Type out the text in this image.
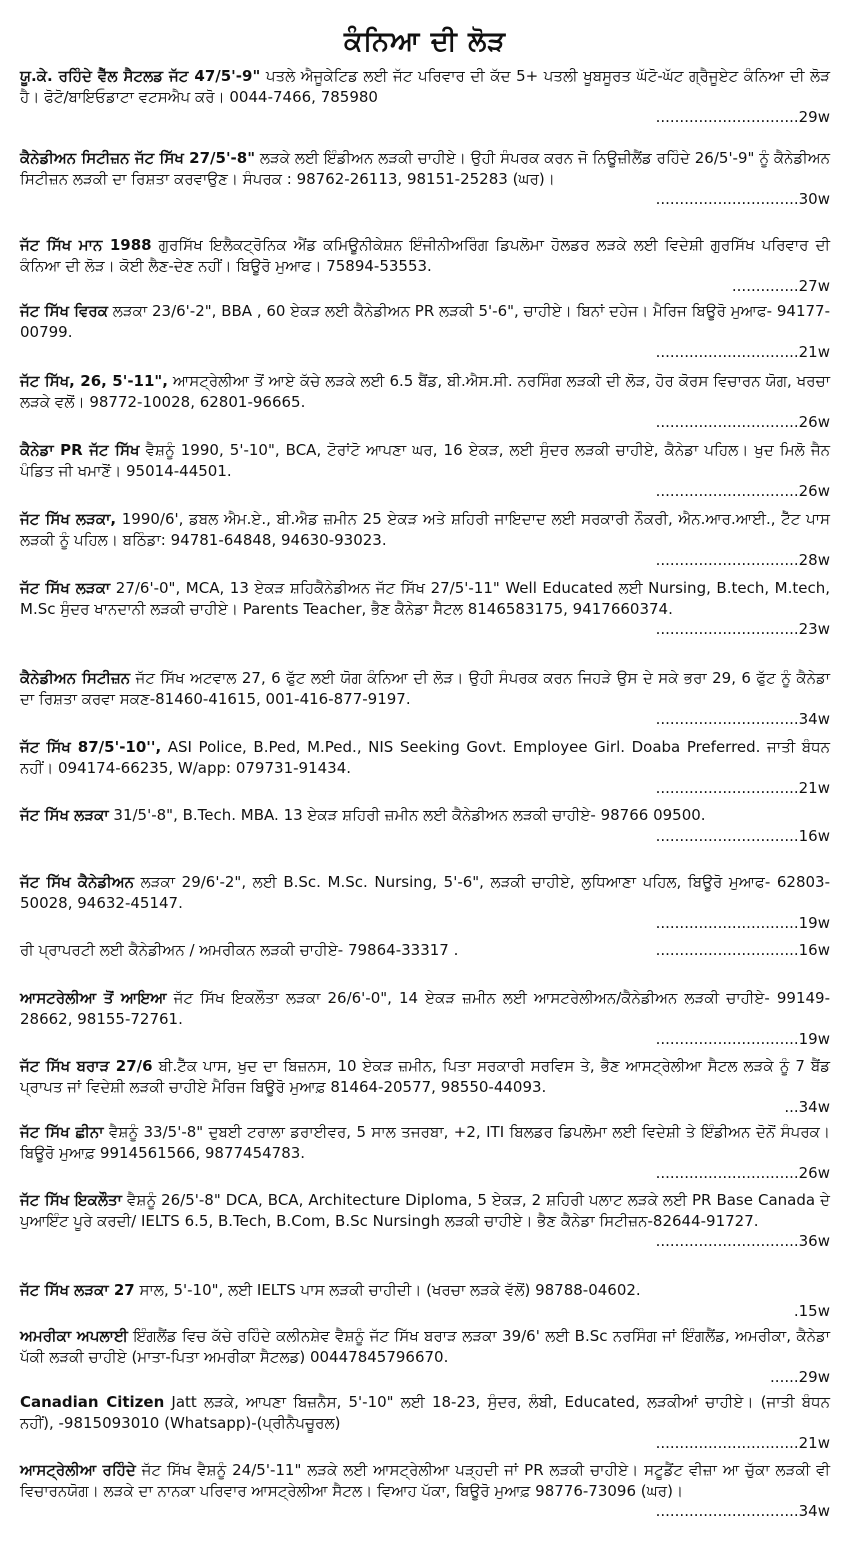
ਕੰਨਿਆ ਦੀ ਲੋੜ
ਯੂ.ਕੇ. ਰਹਿੰਦੇ ਵੈੱਲ ਸੈਟਲਡ ਜੱਟ 47/5'-9" ਪਤਲੇ ਐਜੂਕੇਟਿਡ ਲਈ ਜੱਟ ਪਰਿਵਾਰ ਦੀ ਕੱਦ 5+ ਪਤਲੀ ਖੂਬਸੂਰਤ ਘੱਟੋ-ਘੱਟ ਗ੍ਰੈਜੂਏਟ ਕੰਨਿਆ ਦੀ ਲੋੜ ਹੈ। ਫੋਟੋ/ਬਾਇਓਡਾਟਾ ਵਟਸਐਪ ਕਰੋ। 0044-7466, 785980
..............................29w
ਕੈਨੇਡੀਅਨ ਸਿਟੀਜ਼ਨ ਜੱਟ ਸਿੱਖ 27/5'-8" ਲੜਕੇ ਲਈ ਇੰਡੀਅਨ ਲੜਕੀ ਚਾਹੀਏ। ਉਹੀ ਸੰਪਰਕ ਕਰਨ ਜੋ ਨਿਊਜ਼ੀਲੈਂਡ ਰਹਿੰਦੇ 26/5'-9" ਨੂੰ ਕੈਨੇਡੀਅਨ ਸਿਟੀਜ਼ਨ ਲੜਕੀ ਦਾ ਰਿਸ਼ਤਾ ਕਰਵਾਉਣ। ਸੰਪਰਕ : 98762-26113, 98151-25283 (ਘਰ)।
..............................30w
ਜੱਟ ਸਿੱਖ ਮਾਨ 1988 ਗੁਰਸਿੱਖ ਇਲੈਕਟ੍ਰੋਨਿਕ ਐਂਡ ਕਮਿਊਨੀਕੇਸ਼ਨ ਇੰਜੀਨੀਅਰਿੰਗ ਡਿਪਲੋਮਾ ਹੋਲਡਰ ਲੜਕੇ ਲਈ ਵਿਦੇਸ਼ੀ ਗੁਰਸਿੱਖ ਪਰਿਵਾਰ ਦੀ ਕੰਨਿਆ ਦੀ ਲੋੜ। ਕੋਈ ਲੈਣ-ਦੇਣ ਨਹੀਂ। ਬਿਊਰੋ ਮੁਆਫ। 75894-53553.
..............27w
ਜੱਟ ਸਿੱਖ ਵਿਰਕ ਲੜਕਾ 23/6'-2", BBA , 60 ਏਕੜ ਲਈ ਕੈਨੇਡੀਅਨ PR ਲੜਕੀ 5'-6", ਚਾਹੀਏ। ਬਿਨਾਂ ਦਹੇਜ। ਮੈਰਿਜ ਬਿਊਰੋ ਮੁਆਫ- 94177-00799.
..............................21w
ਜੱਟ ਸਿੱਖ, 26, 5'-11", ਆਸਟ੍ਰੇਲੀਆ ਤੋਂ ਆਏ ਕੱਚੇ ਲੜਕੇ ਲਈ 6.5 ਬੈਂਡ, ਬੀ.ਐਸ.ਸੀ. ਨਰਸਿੰਗ ਲੜਕੀ ਦੀ ਲੋੜ, ਹੋਰ ਕੋਰਸ ਵਿਚਾਰਨ ਯੋਗ, ਖਰਚਾ ਲੜਕੇ ਵਲੋਂ। 98772-10028, 62801-96665.
..............................26w
ਕੈਨੇਡਾ PR ਜੱਟ ਸਿੱਖ ਵੈਸ਼ਨੂੰ 1990, 5'-10", BCA, ਟੋਰਾਂਟੋ ਆਪਣਾ ਘਰ, 16 ਏਕੜ, ਲਈ ਸੁੰਦਰ ਲੜਕੀ ਚਾਹੀਏ, ਕੈਨੇਡਾ ਪਹਿਲ। ਖੁਦ ਮਿਲੋ ਜੈਨ ਪੰਡਿਤ ਜੀ ਖਮਾਣੋਂ। 95014-44501.
..............................26w
ਜੱਟ ਸਿੱਖ ਲੜਕਾ, 1990/6', ਡਬਲ ਐਮ.ਏ., ਬੀ.ਐਡ ਜ਼ਮੀਨ 25 ਏਕੜ ਅਤੇ ਸ਼ਹਿਰੀ ਜਾਇਦਾਦ ਲਈ ਸਰਕਾਰੀ ਨੌਕਰੀ, ਐਨ.ਆਰ.ਆਈ., ਟੈੱਟ ਪਾਸ ਲੜਕੀ ਨੂੰ ਪਹਿਲ। ਬਠਿੰਡਾ: 94781-64848, 94630-93023.
..............................28w
ਜੱਟ ਸਿੱਖ ਲੜਕਾ 27/6'-0", MCA, 13 ਏਕੜ ਸ਼ਹਿਕੈਨੇਡੀਅਨ ਜੱਟ ਸਿੱਖ 27/5'-11" Well Educated ਲਈ Nursing, B.tech, M.tech, M.Sc ਸੁੰਦਰ ਖਾਨਦਾਨੀ ਲੜਕੀ ਚਾਹੀਏ। Parents Teacher, ਭੈਣ ਕੈਨੇਡਾ ਸੈਟਲ 8146583175, 9417660374.
..............................23w
ਕੈਨੇਡੀਅਨ ਸਿਟੀਜ਼ਨ ਜੱਟ ਸਿੱਖ ਅਟਵਾਲ 27, 6 ਫੁੱਟ ਲਈ ਯੋਗ ਕੰਨਿਆ ਦੀ ਲੋੜ। ਉਹੀ ਸੰਪਰਕ ਕਰਨ ਜਿਹੜੇ ਉਸ ਦੇ ਸਕੇ ਭਰਾ 29, 6 ਫੁੱਟ ਨੂੰ ਕੈਨੇਡਾ ਦਾ ਰਿਸ਼ਤਾ ਕਰਵਾ ਸਕਣ-81460-41615, 001-416-877-9197.
..............................34w
ਜੱਟ ਸਿੱਖ 87/5'-10'', ASI Police, B.Ped, M.Ped., NIS Seeking Govt. Employee Girl. Doaba Preferred. ਜਾਤੀ ਬੰਧਨ ਨਹੀਂ। 094174-66235, W/app: 079731-91434.
..............................21w
ਜੱਟ ਸਿੱਖ ਲੜਕਾ 31/5'-8", B.Tech. MBA. 13 ਏਕੜ ਸ਼ਹਿਰੀ ਜ਼ਮੀਨ ਲਈ ਕੈਨੇਡੀਅਨ ਲੜਕੀ ਚਾਹੀਏ- 98766 09500.
..............................16w
ਜੱਟ ਸਿੱਖ ਕੈਨੇਡੀਅਨ ਲੜਕਾ 29/6'-2", ਲਈ B.Sc. M.Sc. Nursing, 5'-6", ਲੜਕੀ ਚਾਹੀਏ, ਲੁਧਿਆਣਾ ਪਹਿਲ, ਬਿਊਰੋ ਮੁਆਫ- 62803-50028, 94632-45147.
..............................19w
ਰੀ ਪ੍ਰਾਪਰਟੀ ਲਈ ਕੈਨੇਡੀਅਨ / ਅਮਰੀਕਨ ਲੜਕੀ ਚਾਹੀਏ- 79864-33317 .	..............................16w
ਆਸਟਰੇਲੀਆ ਤੋਂ ਆਇਆ ਜੱਟ ਸਿੱਖ ਇਕਲੌਤਾ ਲੜਕਾ 26/6'-0", 14 ਏਕੜ ਜ਼ਮੀਨ ਲਈ ਆਸਟਰੇਲੀਅਨ/ਕੈਨੇਡੀਅਨ ਲੜਕੀ ਚਾਹੀਏ- 99149-28662, 98155-72761.
..............................19w
ਜੱਟ ਸਿੱਖ ਬਰਾੜ 27/6 ਬੀ.ਟੈੱਕ ਪਾਸ, ਖੁਦ ਦਾ ਬਿਜ਼ਨਸ, 10 ਏਕੜ ਜ਼ਮੀਨ, ਪਿਤਾ ਸਰਕਾਰੀ ਸਰਵਿਸ ਤੇ, ਭੈਣ ਆਸਟ੍ਰੇਲੀਆ ਸੈਟਲ ਲੜਕੇ ਨੂੰ 7 ਬੈਂਡ ਪ੍ਰਾਪਤ ਜਾਂ ਵਿਦੇਸ਼ੀ ਲੜਕੀ ਚਾਹੀਏ ਮੈਰਿਜ ਬਿਊਰੋ ਮੁਆਫ਼ 81464-20577, 98550-44093.
...34w
ਜੱਟ ਸਿੱਖ ਛੀਨਾ ਵੈਸ਼ਨੂੰ 33/5'-8" ਦੁਬਈ ਟਰਾਲਾ ਡਰਾਈਵਰ, 5 ਸਾਲ ਤਜਰਬਾ, +2, ITI ਬਿਲਡਰ ਡਿਪਲੋਮਾ ਲਈ ਵਿਦੇਸ਼ੀ ਤੇ ਇੰਡੀਅਨ ਦੋਨੋਂ ਸੰਪਰਕ। ਬਿਊਰੋ ਮੁਆਫ਼ 9914561566, 9877454783.
..............................26w
ਜੱਟ ਸਿੱਖ ਇਕਲੌਤਾ ਵੈਸ਼ਨੂੰ 26/5'-8" DCA, BCA, Architecture Diploma, 5 ਏਕੜ, 2 ਸ਼ਹਿਰੀ ਪਲਾਟ ਲੜਕੇ ਲਈ PR Base Canada ਦੇ ਪੁਆਇੰਟ ਪੂਰੇ ਕਰਦੀ/ IELTS 6.5, B.Tech, B.Com, B.Sc Nursingh ਲੜਕੀ ਚਾਹੀਏ। ਭੈਣ ਕੈਨੇਡਾ ਸਿਟੀਜ਼ਨ-82644-91727.
..............................36w
ਜੱਟ ਸਿੱਖ ਲੜਕਾ 27 ਸਾਲ, 5'-10", ਲਈ IELTS ਪਾਸ ਲੜਕੀ ਚਾਹੀਦੀ। (ਖਰਚਾ ਲੜਕੇ ਵੱਲੋਂ) 98788-04602.
.15w
ਅਮਰੀਕਾ ਅਪਲਾਈ ਇੰਗਲੈਂਡ ਵਿਚ ਕੱਚੇ ਰਹਿੰਦੇ ਕਲੀਨਸ਼ੇਵ ਵੈਸ਼ਨੂੰ ਜੱਟ ਸਿੱਖ ਬਰਾੜ ਲੜਕਾ 39/6' ਲਈ B.Sc ਨਰਸਿੰਗ ਜਾਂ ਇੰਗਲੈਂਡ, ਅਮਰੀਕਾ, ਕੈਨੇਡਾ ਪੱਕੀ ਲੜਕੀ ਚਾਹੀਏ (ਮਾਤਾ-ਪਿਤਾ ਅਮਰੀਕਾ ਸੈਟਲਡ) 00447845796670.
......29w
Canadian Citizen Jatt ਲੜਕੇ, ਆਪਣਾ ਬਿਜ਼ਨੈਸ, 5'-10" ਲਈ 18-23, ਸੁੰਦਰ, ਲੰਬੀ, Educated, ਲੜਕੀਆਂ ਚਾਹੀਏ। (ਜਾਤੀ ਬੰਧਨ ਨਹੀਂ), -9815093010 (Whatsapp)-(ਪ੍ਰੀਨੈਪਚੂਰਲ)
..............................21w
ਆਸਟ੍ਰੇਲੀਆ ਰਹਿੰਦੇ ਜੱਟ ਸਿੱਖ ਵੈਸ਼ਨੂੰ 24/5'-11" ਲੜਕੇ ਲਈ ਆਸਟ੍ਰੇਲੀਆ ਪੜ੍ਹਦੀ ਜਾਂ PR ਲੜਕੀ ਚਾਹੀਏ। ਸਟੂਡੈਂਟ ਵੀਜ਼ਾ ਆ ਚੁੱਕਾ ਲੜਕੀ ਵੀ ਵਿਚਾਰਨਯੋਗ। ਲੜਕੇ ਦਾ ਨਾਨਕਾ ਪਰਿਵਾਰ ਆਸਟ੍ਰੇਲੀਆ ਸੈਟਲ। ਵਿਆਹ ਪੱਕਾ, ਬਿਊਰੋ ਮੁਆਫ਼ 98776-73096 (ਘਰ)।
..............................34w
